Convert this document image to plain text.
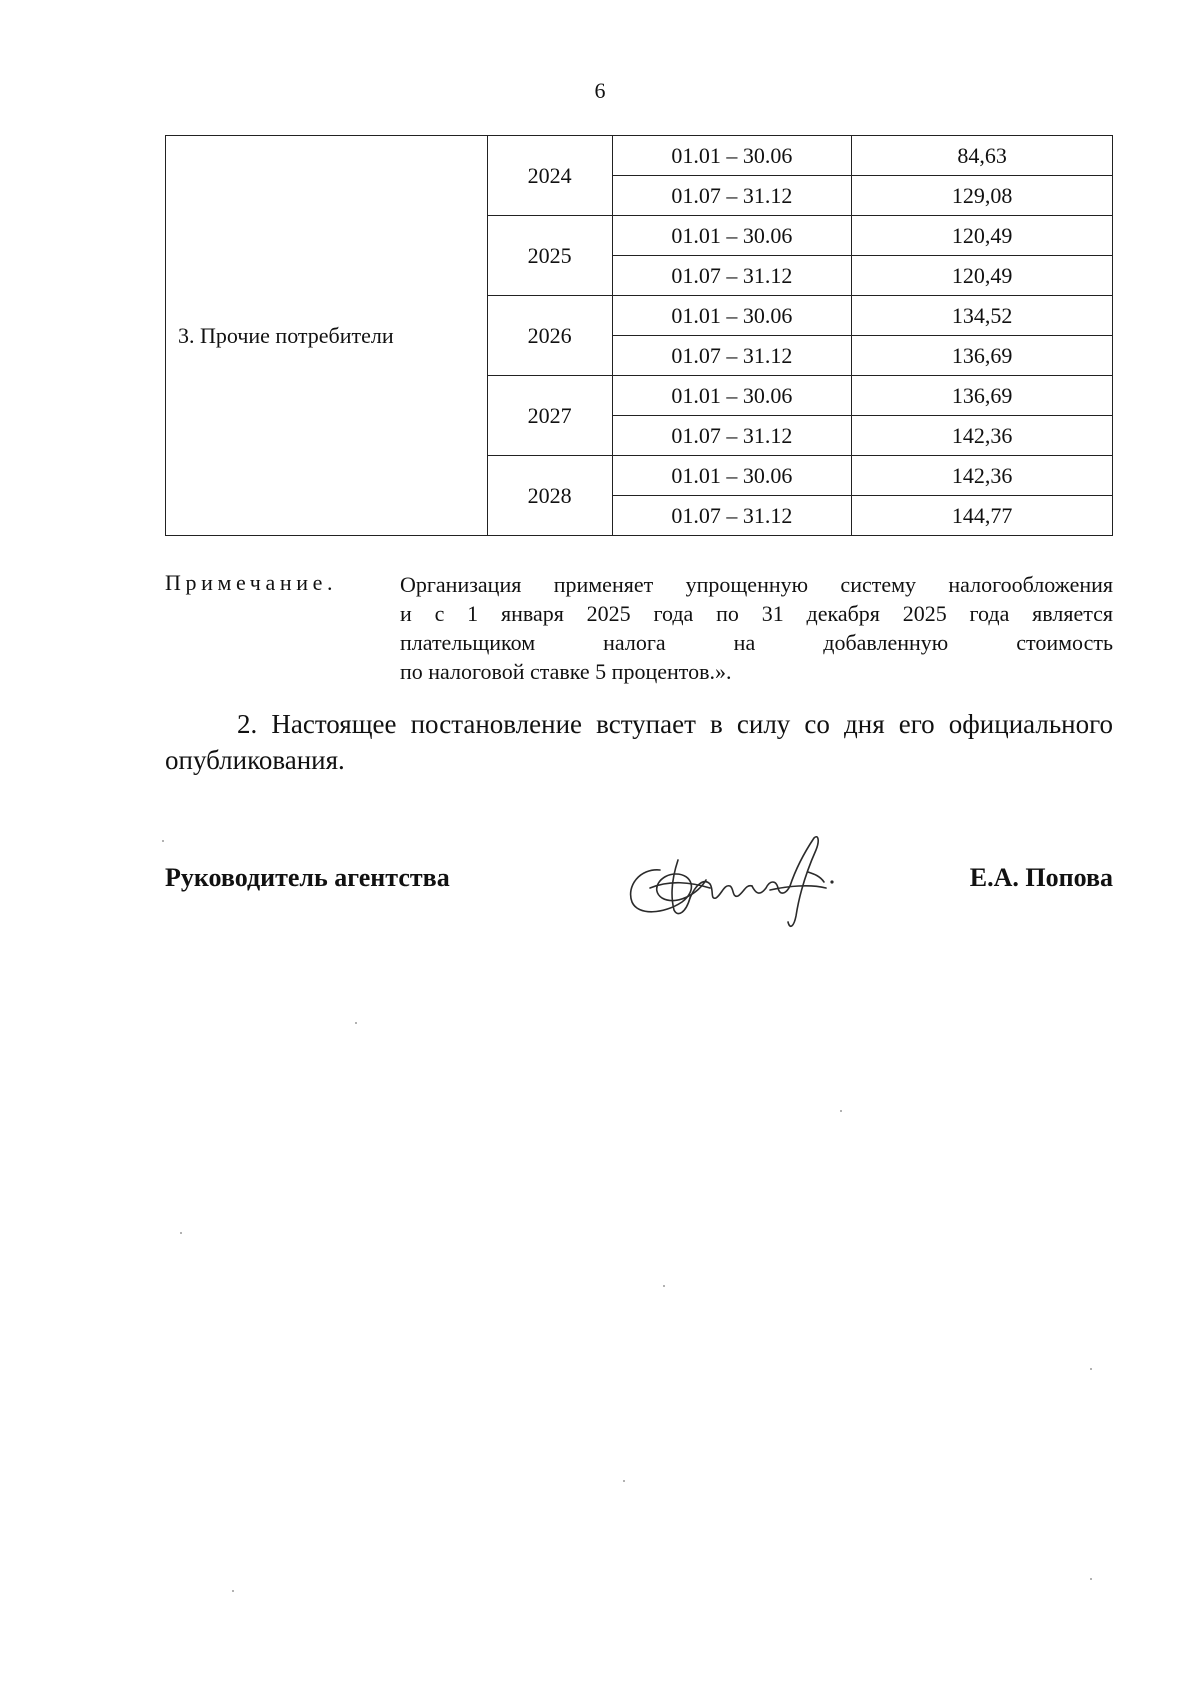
6
3. Прочие потребители	2024	01.01 – 30.06	84,63
		01.07 – 31.12	129,08
	2025	01.01 – 30.06	120,49
		01.07 – 31.12	120,49
	2026	01.01 – 30.06	134,52
		01.07 – 31.12	136,69
	2027	01.01 – 30.06	136,69
		01.07 – 31.12	142,36
	2028	01.01 – 30.06	142,36
		01.07 – 31.12	144,77
Примечание.	Организация применяет упрощенную систему налогообложения
и с 1 января 2025 года по 31 декабря 2025 года является
плательщиком налога на добавленную стоимость
по налоговой ставке 5 процентов.».
2. Настоящее постановление вступает в силу со дня его официального
опубликования.
Руководитель агентства	Е.А. Попова
